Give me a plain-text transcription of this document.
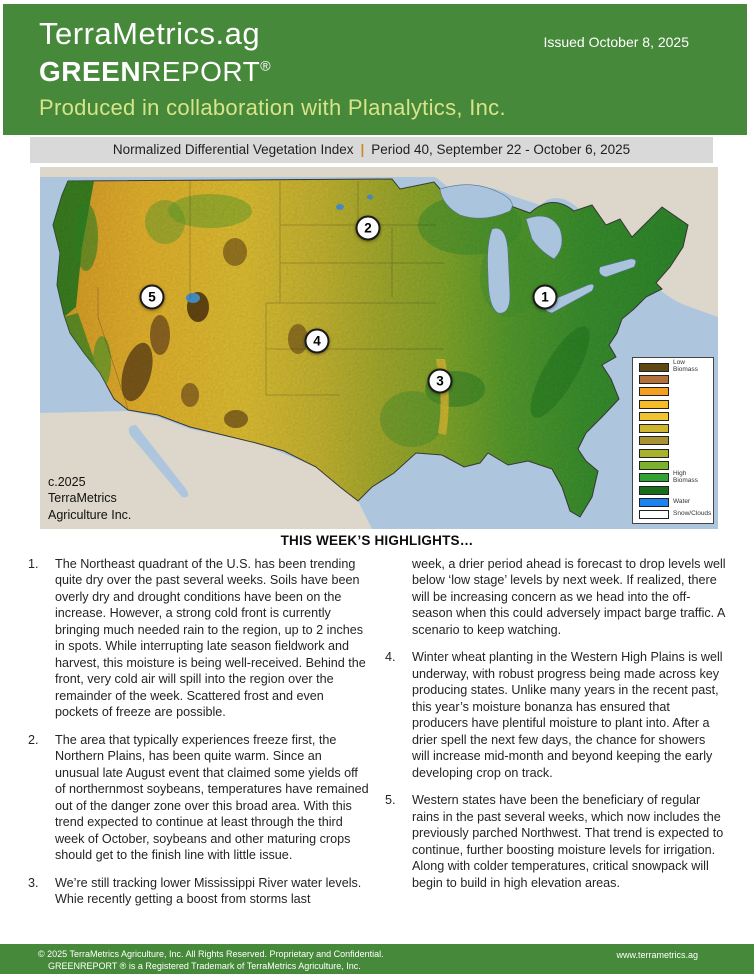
TerraMetrics.ag
GREENREPORT®
Produced in collaboration with Planalytics, Inc.
Issued October 8, 2025
Normalized Differential Vegetation Index | Period 40, September 22 - October 6, 2025
1
2
3
4
5
c.2025
TerraMetrics
Agriculture Inc.
Low Biomass
High Biomass
Water
Snow/Clouds
THIS WEEK’S HIGHLIGHTS…
1.	The Northeast quadrant of the U.S. has been trending quite dry over the past several weeks. Soils have been overly dry and drought conditions have been on the increase. However, a strong cold front is currently bringing much needed rain to the region, up to 2 inches in spots. While interrupting late season fieldwork and harvest, this moisture is being well-received. Behind the front, very cold air will spill into the region over the remainder of the week. Scattered frost and even pockets of freeze are possible.
2.	The area that typically experiences freeze first, the Northern Plains, has been quite warm. Since an unusual late August event that claimed some yields off of northernmost soybeans, temperatures have remained out of the danger zone over this broad area. With this trend expected to continue at least through the third week of October, soybeans and other maturing crops should get to the finish line with little issue.
3.	We’re still tracking lower Mississippi River water levels. Whie recently getting a boost from storms last
week, a drier period ahead is forecast to drop levels well below ‘low stage’ levels by next week. If realized, there will be increasing concern as we head into the off-season when this could adversely impact barge traffic. A scenario to keep watching.
4.	Winter wheat planting in the Western High Plains is well underway, with robust progress being made across key producing states. Unlike many years in the recent past, this year’s moisture bonanza has ensured that producers have plentiful moisture to plant into. After a drier spell the next few days, the chance for showers will increase mid-month and beyond keeping the early developing crop on track.
5.	Western states have been the beneficiary of regular rains in the past several weeks, which now includes the previously parched Northwest. That trend is expected to continue, further boosting moisture levels for irrigation. Along with colder temperatures, critical snowpack will begin to build in high elevation areas.
© 2025 TerraMetrics Agriculture, Inc. All Rights Reserved. Proprietary and Confidential.
GREENREPORT ® is a Registered Trademark of TerraMetrics Agriculture, Inc.
www.terrametrics.ag
